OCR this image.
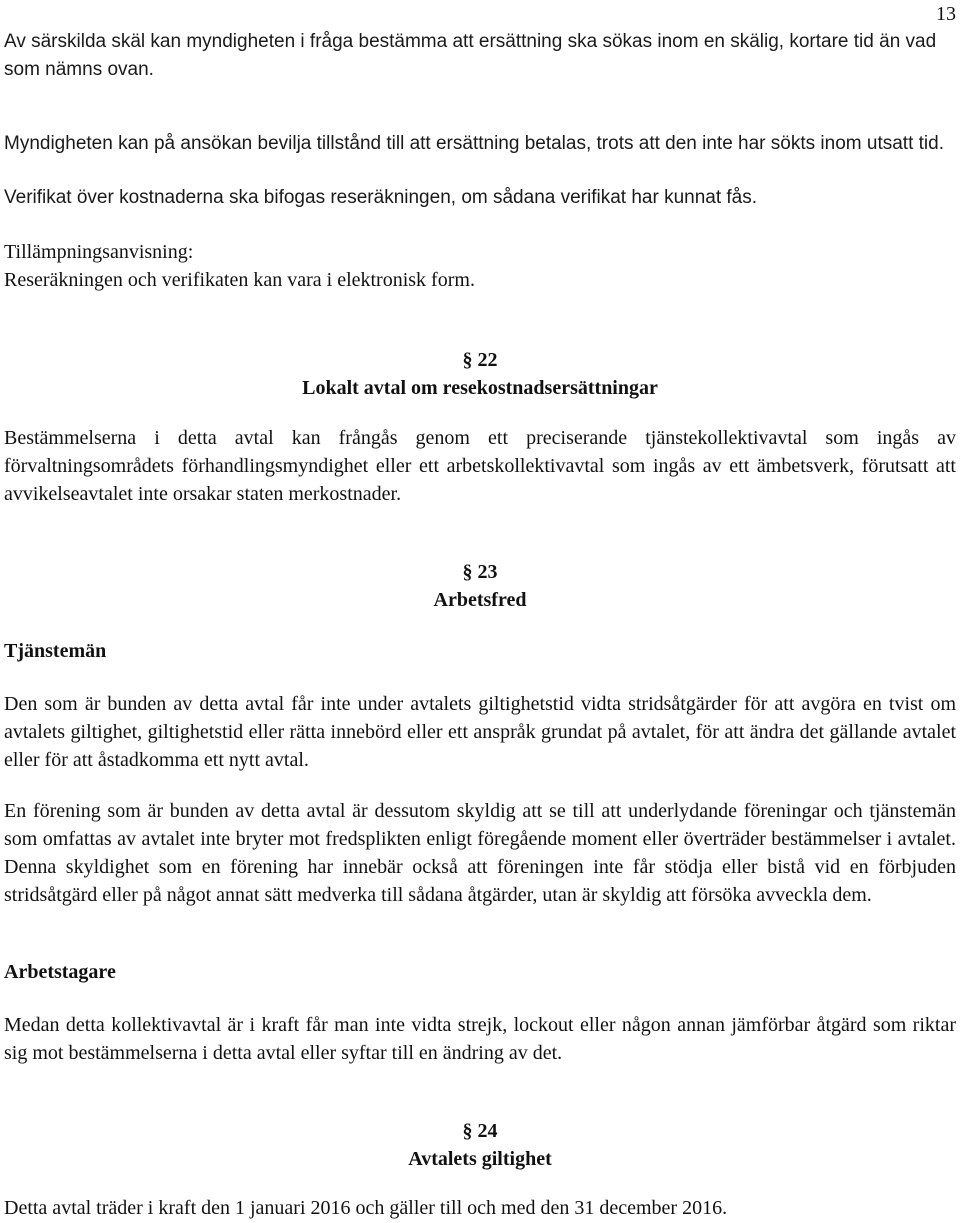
13

Av särskilda skäl kan myndigheten i fråga bestämma att ersättning ska sökas inom en skälig, kortare tid än vad som nämns ovan.

Myndigheten kan på ansökan bevilja tillstånd till att ersättning betalas, trots att den inte har sökts inom utsatt tid.

Verifikat över kostnaderna ska bifogas reseräkningen, om sådana verifikat har kunnat fås.

Tillämpningsanvisning:

Reseräkningen och verifikaten kan vara i elektronisk form.

§ 22
Lokalt avtal om resekostnadsersättningar

Bestämmelserna i detta avtal kan frångås genom ett preciserande tjänstekollektivavtal som ingås av förvaltningsområdets förhandlingsmyndighet eller ett arbetskollektivavtal som ingås av ett ämbetsverk, förutsatt att avvikelseavtalet inte orsakar staten merkostnader.

§ 23
Arbetsfred
Tjänstemän

Den som är bunden av detta avtal får inte under avtalets giltighetstid vidta stridsåtgärder för att avgöra en tvist om avtalets giltighet, giltighetstid eller rätta innebörd eller ett anspråk grundat på avtalet, för att ändra det gällande avtalet eller för att åstadkomma ett nytt avtal.

En förening som är bunden av detta avtal är dessutom skyldig att se till att underlydande föreningar och tjänstemän som omfattas av avtalet inte bryter mot fredsplikten enligt föregående moment eller överträder bestämmelser i avtalet. Denna skyldighet som en förening har innebär också att föreningen inte får stödja eller bistå vid en förbjuden stridsåtgärd eller på något annat sätt medverka till sådana åtgärder, utan är skyldig att försöka avveckla dem.

Arbetstagare

Medan detta kollektivavtal är i kraft får man inte vidta strejk, lockout eller någon annan jämförbar åtgärd som riktar sig mot bestämmelserna i detta avtal eller syftar till en ändring av det.

§ 24
Avtalets giltighet

Detta avtal träder i kraft den 1 januari 2016 och gäller till och med den 31 december 2016.
